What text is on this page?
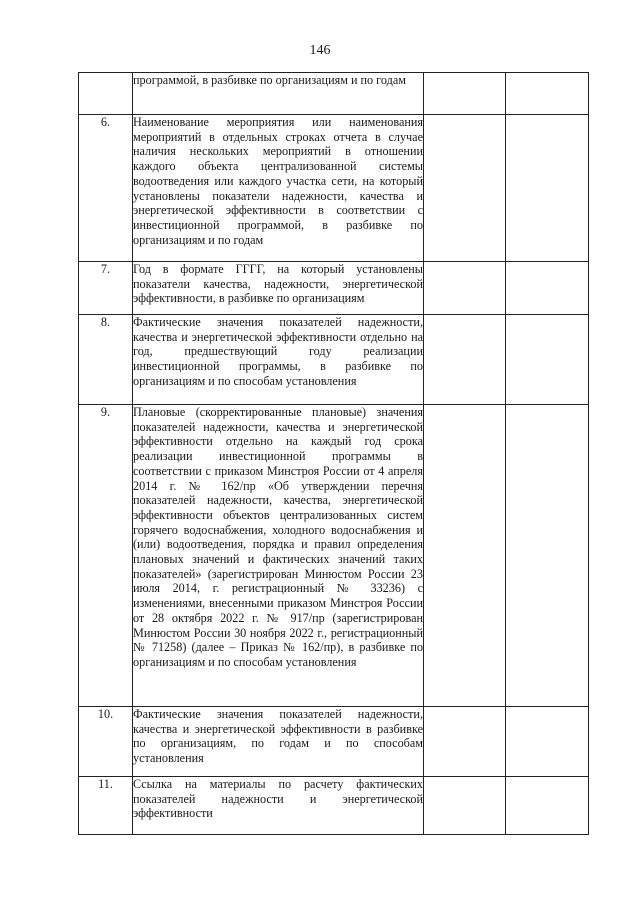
146
	программой, в разбивке по организациям и по годам		
6.	Наименование мероприятия или наименования мероприятий в отдельных строках отчета в случае наличия нескольких мероприятий в отношении каждого объекта централизованной системы водоотведения или каждого участка сети, на который установлены показатели надежности, качества и энергетической эффективности в соответствии с инвестиционной программой, в разбивке по организациям и по годам		
7.	Год в формате ГГГГ, на который установлены показатели качества, надежности, энергетической эффективности, в разбивке по организациям		
8.	Фактические значения показателей надежности, качества и энергетической эффективности отдельно на год, предшествующий году реализации инвестиционной программы, в разбивке по организациям и по способам установления		
9.	Плановые (скорректированные плановые) значения показателей надежности, качества и энергетической эффективности отдельно на каждый год срока реализации инвестиционной программы в соответствии с приказом Минстроя России от 4 апреля 2014 г. № 162/пр «Об утверждении перечня показателей надежности, качества, энергетической эффективности объектов централизованных систем горячего водоснабжения, холодного водоснабжения и (или) водоотведения, порядка и правил определения плановых значений и фактических значений таких показателей» (зарегистрирован Минюстом России 23 июля 2014, г. регистрационный № 33236) с изменениями, внесенными приказом Минстроя России от 28 октября 2022 г. № 917/пр (зарегистрирован Минюстом России 30 ноября 2022 г., регистрационный № 71258) (далее – Приказ № 162/пр), в разбивке по организациям и по способам установления		
10.	Фактические значения показателей надежности, качества и энергетической эффективности в разбивке по организациям, по годам и по способам установления		
11.	Ссылка на материалы по расчету фактических показателей надежности и энергетической эффективности		
